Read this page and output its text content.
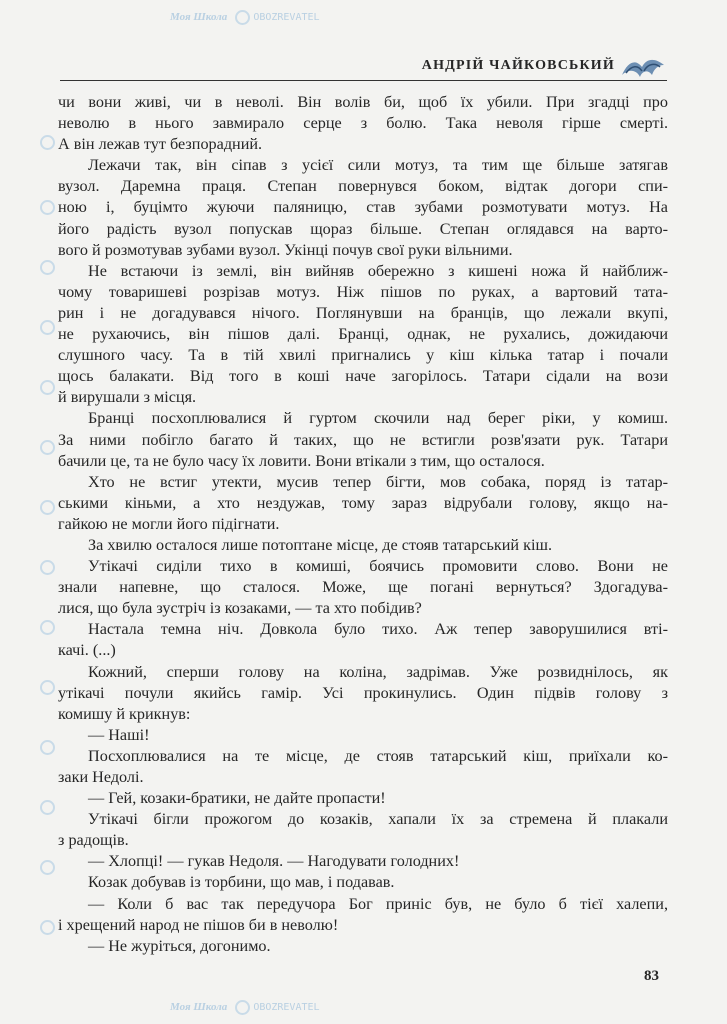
Моя Школа	OBOZREVATEL
Моя Школа	OBOZREVATEL
АНДРІЙ ЧАЙКОВСЬКИЙ
чи вони живі, чи в неволі. Він волів би, щоб їх убили. При згадці про
неволю в нього завмирало серце з болю. Така неволя гірше смерті.
А він лежав тут безпорадний.
Лежачи так, він сіпав з усієї сили мотуз, та тим ще більше затягав
вузол. Даремна праця. Степан повернувся боком, відтак догори спи-
ною і, буцімто жуючи паляницю, став зубами розмотувати мотуз. На
його радість вузол попускав щораз більше. Степан оглядався на варто-
вого й розмотував зубами вузол. Укінці почув свої руки вільними.
Не встаючи із землі, він вийняв обережно з кишені ножа й найближ-
чому товаришеві розрізав мотуз. Ніж пішов по руках, а вартовий тата-
рин і не догадувався нічого. Поглянувши на бранців, що лежали вкупі,
не рухаючись, він пішов далі. Бранці, однак, не рухались, дожидаючи
слушного часу. Та в тій хвилі пригнались у кіш кілька татар і почали
щось балакати. Від того в коші наче загорілось. Татари сідали на вози
й вирушали з місця.
Бранці посхоплювалися й гуртом скочили над берег ріки, у комиш.
За ними побігло багато й таких, що не встигли розв'язати рук. Татари
бачили це, та не було часу їх ловити. Вони втікали з тим, що осталося.
Хто не встиг утекти, мусив тепер бігти, мов собака, поряд із татар-
ськими кіньми, а хто нездужав, тому зараз відрубали голову, якщо на-
гайкою не могли його підігнати.
За хвилю осталося лише потоптане місце, де стояв татарський кіш.
Утікачі сиділи тихо в комиші, боячись промовити слово. Вони не
знали напевне, що сталося. Може, ще погані вернуться? Здогадува-
лися, що була зустріч із козаками, — та хто побідив?
Настала темна ніч. Довкола було тихо. Аж тепер заворушилися вті-
качі. (...)
Кожний, сперши голову на коліна, задрімав. Уже розвиднілось, як
утікачі почули якийсь гамір. Усі прокинулись. Один підвів голову з
комишу й крикнув:
— Наші!
Посхоплювалися на те місце, де стояв татарський кіш, приїхали ко-
заки Недолі.
— Гей, козаки-братики, не дайте пропасти!
Утікачі бігли прожогом до козаків, хапали їх за стремена й плакали
з радощів.
— Хлопці! — гукав Недоля. — Нагодувати голодних!
Козак добував із торбини, що мав, і подавав.
— Коли б вас так передучора Бог приніс був, не було б тієї халепи,
і хрещений народ не пішов би в неволю!
— Не журіться, догонимо.
83
